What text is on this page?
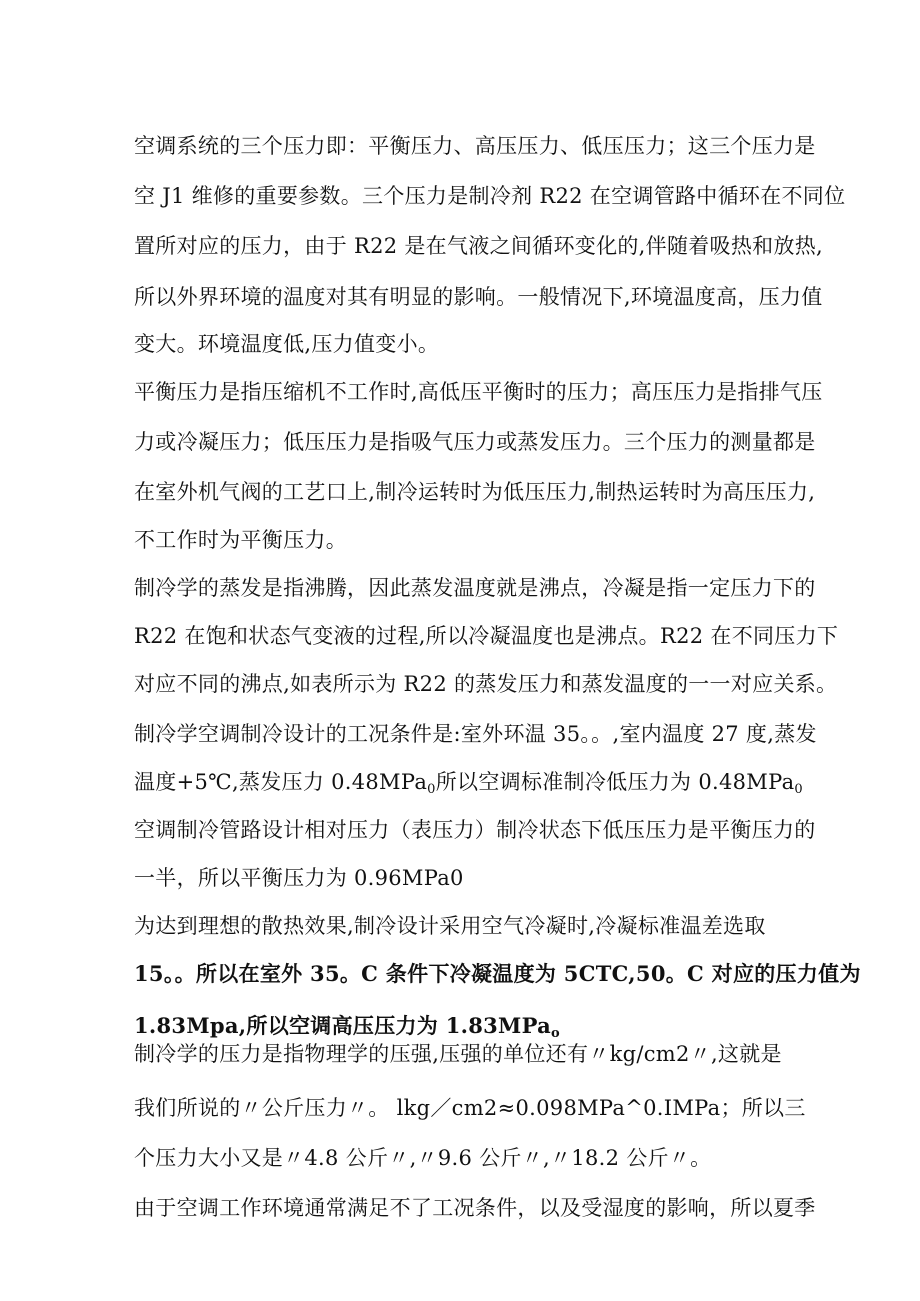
空调系统的三个压力即：平衡压力、高压压力、低压压力；这三个压力是
空 J1 维修的重要参数。三个压力是制冷剂 R22 在空调管路中循环在不同位
置所对应的压力，由于 R22 是在气液之间循环变化的,伴随着吸热和放热,
所以外界环境的温度对其有明显的影响。一般情况下,环境温度高，压力值
变大。环境温度低,压力值变小。
平衡压力是指压缩机不工作时,高低压平衡时的压力；高压压力是指排气压
力或冷凝压力；低压压力是指吸气压力或蒸发压力。三个压力的测量都是
在室外机气阀的工艺口上,制冷运转时为低压压力,制热运转时为高压压力,
不工作时为平衡压力。
制冷学的蒸发是指沸腾，因此蒸发温度就是沸点，冷凝是指一定压力下的
R22 在饱和状态气变液的过程,所以冷凝温度也是沸点。R22 在不同压力下
对应不同的沸点,如表所示为 R22 的蒸发压力和蒸发温度的一一对应关系。
制冷学空调制冷设计的工况条件是:室外环温 35。。,室内温度 27 度,蒸发
温度+5℃,蒸发压力 0.48MPa$_0$所以空调标准制冷低压力为 0.48MPa$_0$
空调制冷管路设计相对压力（表压力）制冷状态下低压压力是平衡压力的
一半，所以平衡压力为 0.96MPa0
为达到理想的散热效果,制冷设计采用空气冷凝时,冷凝标准温差选取
15。。所以在室外 35。C 条件下冷凝温度为 5CTC,50。C 对应的压力值为
1.83Mpa,所以空调高压压力为 1.83MPa$_o$
制冷学的压力是指物理学的压强,压强的单位还有〃kg/cm2〃,这就是
我们所说的〃公斤压力〃。 lkg／cm2≈0.098MPa^0.IMPa；所以三
个压力大小又是〃4.8 公斤〃,〃9.6 公斤〃,〃18.2 公斤〃。
由于空调工作环境通常满足不了工况条件，以及受湿度的影响，所以夏季
